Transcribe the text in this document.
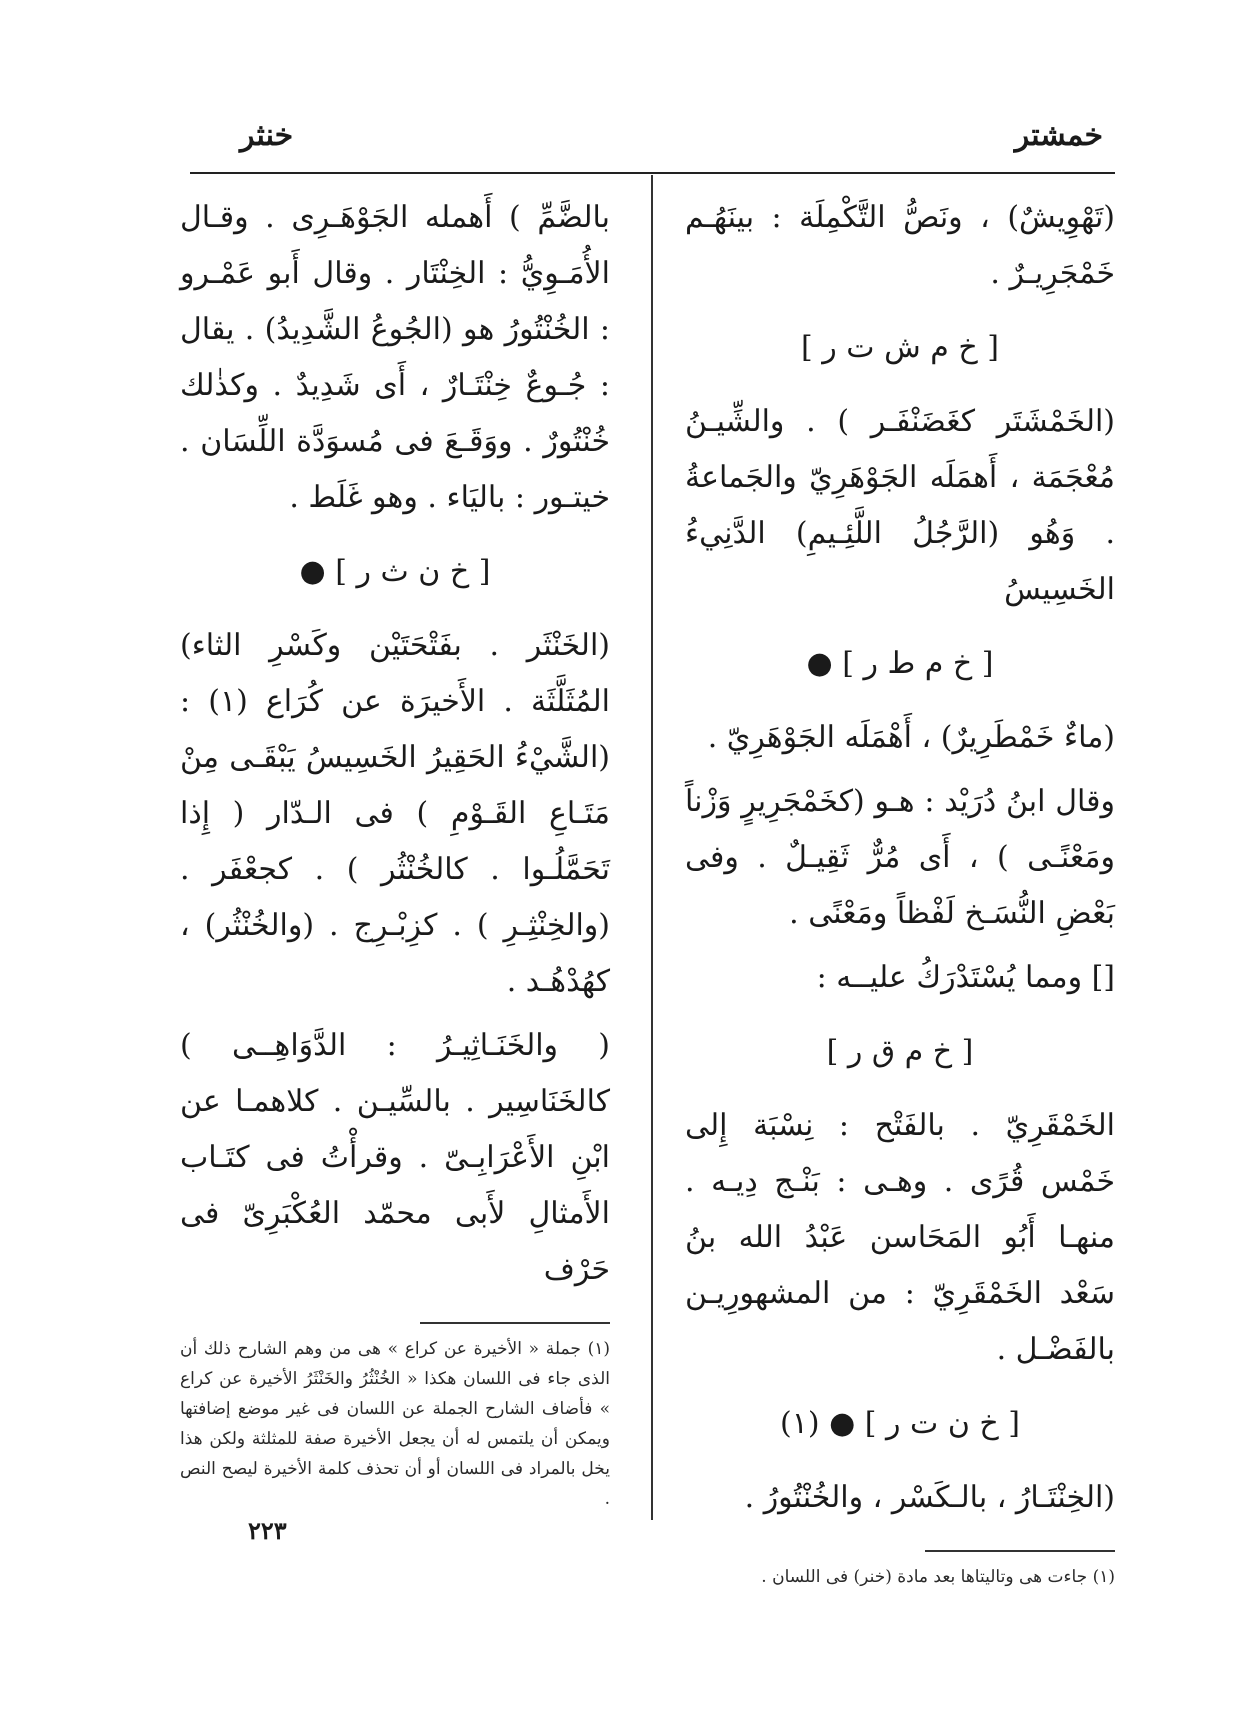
خمشتر
خنثر

(تَهْوِيشٌ) ، ونَصُّ التَّكْمِلَة : بينَهُـم خَمْجَرِيـرٌ .

[ خ م ش ت ر ]

(الخَمْشَتَر كغَضَنْفَـر ) . والشِّيـنُ مُعْجَمَة ، أَهمَلَه الجَوْهَرِيّ والجَماعةُ . وَهُو (الرَّجُلُ اللَّئِـيمِ) الدَّنِيءُ الخَسِيسُ

[ خ م ط ر ] ●

(ماءٌ خَمْطَرِيرٌ) ، أَهْمَلَه الجَوْهَرِيّ .

وقال ابنُ دُرَيْد : هـو (كخَمْجَرِيرٍ وَزْناً ومَعْنًـى ) ، أَى مُرٌّ ثَقِيـلٌ . وفى بَعْضِ النُّسَـخ لَفْظاً ومَعْنًى .

[] ومما يُسْتَدْرَكُ عليــه :

[ خ م ق ر ]

الخَمْقَرِيّ . بالفَتْح : نِسْبَة إِلى خَمْس قُرًى . وهـى : بَنْـج دِيـه . منهـا أَبُو المَحَاسن عَبْدُ الله بنُ سَعْد الخَمْقَرِيّ : من المشهورِيـن بالفَضْـل .

[ خ ن ت ر ] ● (١)

(الخِنْتَـارُ ، بالـكَسْر ، والخُنْتُورُ .

(١) جاءت هى وتاليتاها بعد مادة (خنر) فى اللسان .

بالضَّمِّ ) أَهمله الجَوْهَـرِى . وقـال الأُمَـوِيُّ : الخِنْتَار . وقال أَبو عَمْـرو : الخُنْتُورُ هو (الجُوعُ الشَّدِيدُ) . يقال : جُـوعٌ خِنْتَـارٌ ، أَى شَدِيدٌ . وكذٰلك خُنْتُورٌ . ووَقَـعَ فى مُسوَدَّة اللِّسَان . خيتـور : باليَاء . وهو غَلَط .

[ خ ن ث ر ] ●

(الخَنْثَر . بفَتْحَتَيْن وكَسْرِ الثاء) المُثَلَّثَة . الأَخيرَة عن كُرَاع (١) : (الشَّيْءُ الحَقِيرُ الخَسِيسُ يَبْقَـى مِنْ مَتَـاعِ القَـوْمِ ) فى الـدّار ( إِذا تَحَمَّلُـوا . كالخُنْثُر ) . كجعْفَر . (والخِنْثِـرِ ) . كزِبْـرِج . (والخُنْثُر) ، كهُدْهُـد .

( والخَنَـاثِيـرُ : الدَّوَاهِــى ) كالخَنَاسِير . بالسِّيـن . كلاهمـا عن ابْنِ الأَعْرَابِـىّ . وقرأْتُ فى كتَـاب الأَمثالِ لأَبى محمّد العُكْبَرِىّ فى حَرْف

(١) جملة « الأخيرة عن كراع » هى من وهم الشارح ذلك أن الذى جاء فى اللسان هكذا « الخُنْثُرُ والخَنْثَرُ الأخيرة عن كراع » فأضاف الشارح الجملة عن اللسان فى غير موضع إضافتها ويمكن أن يلتمس له أن يجعل الأخيرة صفة للمثلثة ولكن هذا يخل بالمراد فى اللسان أو أن تحذف كلمة الأخيرة ليصح النص .
٢٢٣
